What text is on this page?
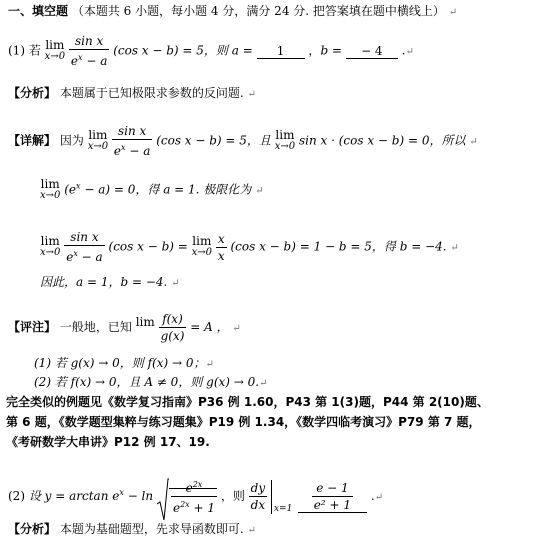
一、填空题 （本题共 6 小题，每小题 4 分，满分 24 分. 把答案填在题中横线上） ↵
(1) 若 lim
x→0
$\frac{\text{sin x}}{e^x - a} (\cos$ x − b) = 5，则 a = 1 ，b = − 4 .↵
【分析】 本题属于已知极限求参数的反问题. ↵
【详解】 因为 lim
x→0
$\frac{\text{sin x}}{e^x - a} (\cos$ x − b) = 5，且 lim
x→0 sin x · (cos x − b) = 0，所以 ↵
lim
x→0 $(e^x - a) = 0$，得 a = 1. 极限化为 ↵
lim
x→0
$\frac{\text{sin x}}{e^x - a} (\cos$ x − b) = lim
x→0
$\frac{x}{x} (\cos$ x − b) = 1 − b = 5，得 b = −4. ↵
因此，a = 1，b = −4. ↵
【评注】 一般地，已知 lim

$\frac{f(x)}{g(x)} = A$ ， ↵
(1) 若 g(x) → 0，则 f(x) → 0；↵
(2) 若 f(x) → 0，且 A ≠ 0，则 g(x) → 0.↵
完全类似的例题见《数学复习指南》P36 例 1.60，P43 第 1(3)题，P44 第 2(10)题、
第 6 题，《数学题型集粹与练习题集》P19 例 1.34，《数学四临考演习》P79 第 7 题，
《考研数学大串讲》P12 例 17、19.
(2) 设 $y = \arctan e^x - \ln \frac{e^{2x}}{e^{2x} + 1}$ ，则 $\frac{dy}{dx}$
x=1
$\frac{e - 1}{\text{e² + 1}}$ .↵
【分析】 本题为基础题型，先求导函数即可. ↵
